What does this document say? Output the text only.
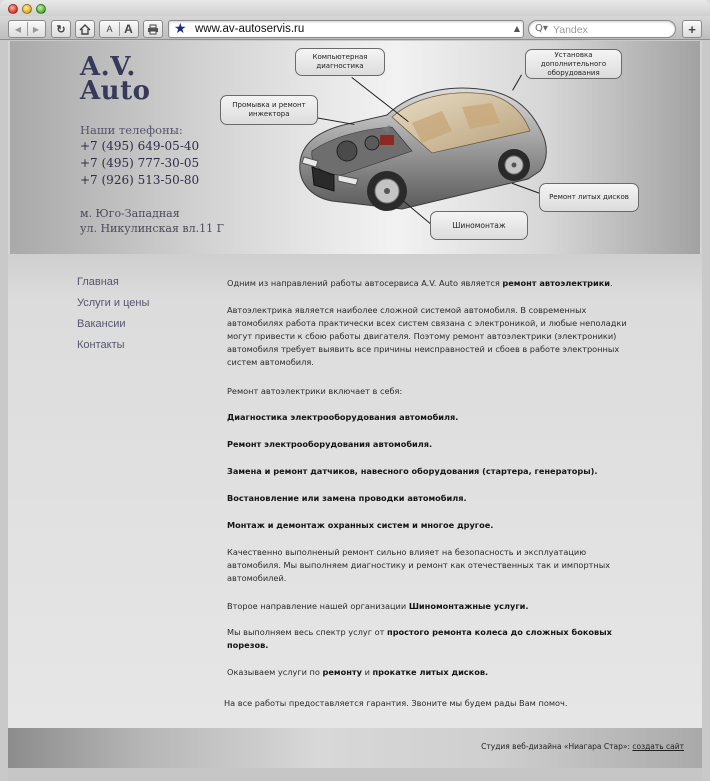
◀	▶	↻	A A	★ www.av-autoservis.ru	▲ Q▾ Yandex	+
A.V.
Auto
Наши телефоны:
+7 (495) 649-05-40
+7 (495) 777-30-05
+7 (926) 513-50-80
м. Юго-Западная
ул. Никулинская вл.11 Г
Компьютерная диагностика
Установка дополнительного оборудования
Промывка и ремонт инжектора
Ремонт литых дисков
Шиномонтаж
Главная
Услуги и цены
Вакансии
Контакты

Одним из направлений работы автосервиса A.V. Auto является ремонт автоэлектрики.

Автоэлектрика является наиболее сложной системой автомобиля. В современных автомобилях работа практически всех систем связана с электроникой, и любые неполадки могут привести к сбою работы двигателя. Поэтому ремонт автоэлектрики (электроники) автомобиля требует выявить все причины неисправностей и сбоев в работе электронных систем автомобиля.

Ремонт автоэлектрики включает в себя:

Диагностика электрооборудования автомобиля.

Ремонт электрооборудования автомобиля.

Замена и ремонт датчиков, навесного оборудования (стартера, генераторы).

Востановление или замена проводки автомобиля.

Монтаж и демонтаж охранных систем и многое другое.

Качественно выполненый ремонт сильно влияет на безопасность и эксплуатацию автомобиля. Мы выполняем диагностику и ремонт как отечественных так и импортных автомобилей.

Второе направление нашей организации Шиномонтажные услуги.

Мы выполняем весь спектр услуг от простого ремонта колеса до сложных боковых порезов.

Оказываем услуги по ремонту и прокатке литых дисков.

На все работы предоставляется гарантия. Звоните мы будем рады Вам помоч.

Студия веб-дизайна «Ниагара Стар»: создать сайт
